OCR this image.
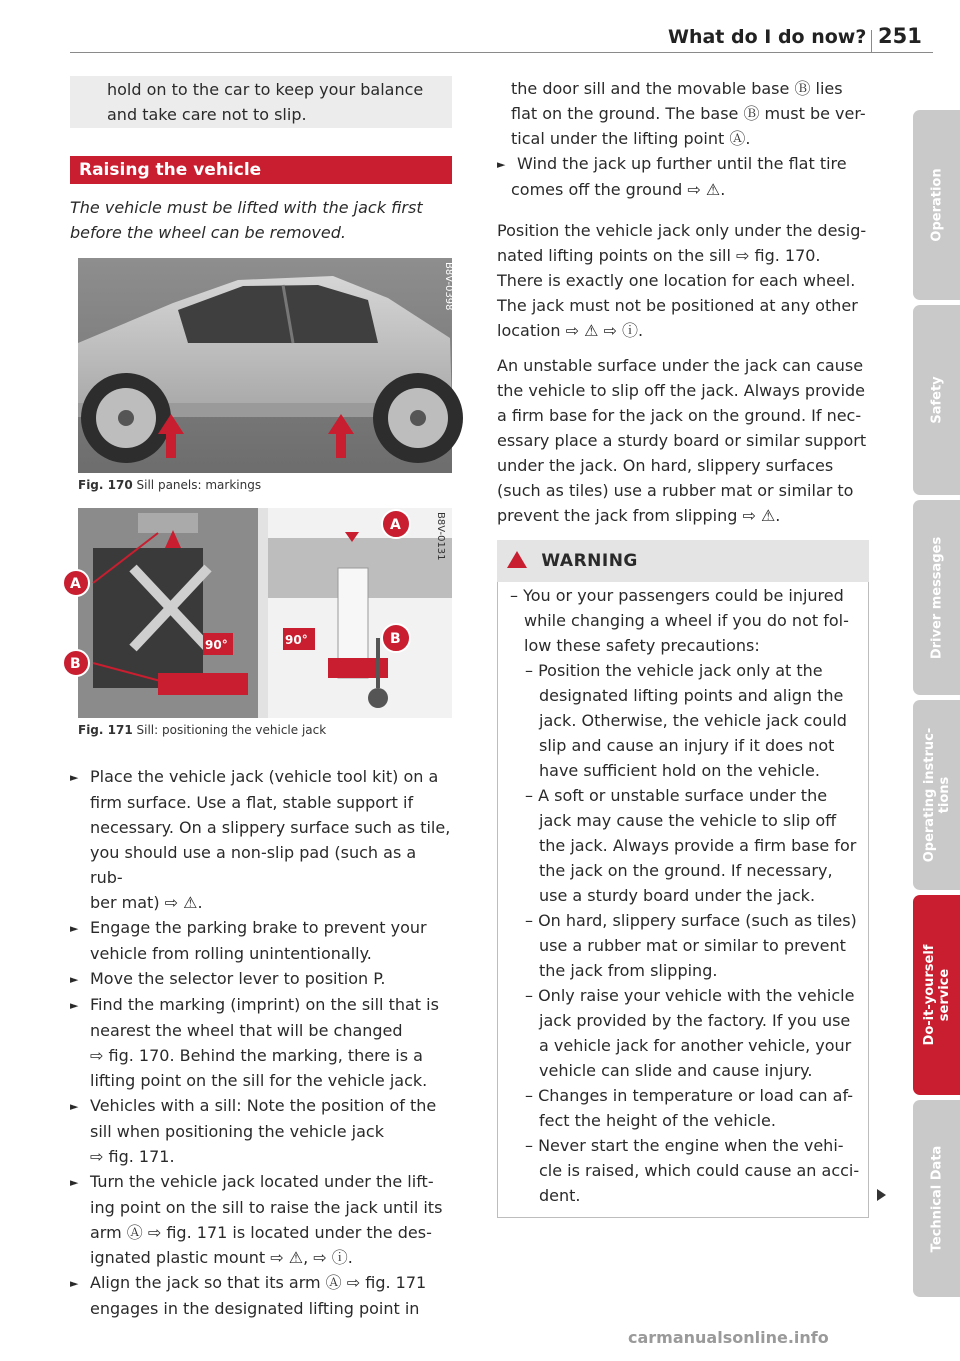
What do I do now? 251

hold on to the car to keep your balance

and take care not to slip.

Raising the vehicle
The vehicle must be lifted with the jack first
before the wheel can be removed.
B8V-0398
Fig. 170 Sill panels: markings
90°
A
B
90°
A
B
B8V-0131
Fig. 171 Sill: positioning the vehicle jack

► Place the vehicle jack (vehicle tool kit) on a

firm surface. Use a flat, stable support if

necessary. On a slippery surface such as tile,

you should use a non-slip pad (such as a rub-

ber mat) ⇨ ⚠.

► Engage the parking brake to prevent your

vehicle from rolling unintentionally.

► Move the selector lever to position P.

► Find the marking (imprint) on the sill that is

nearest the wheel that will be changed

⇨ fig. 170. Behind the marking, there is a

lifting point on the sill for the vehicle jack.

► Vehicles with a sill: Note the position of the

sill when positioning the vehicle jack

⇨ fig. 171.

► Turn the vehicle jack located under the lift-

ing point on the sill to raise the jack until its

arm Ⓐ ⇨ fig. 171 is located under the des-

ignated plastic mount ⇨ ⚠, ⇨ ⓘ.

► Align the jack so that its arm Ⓐ ⇨ fig. 171

engages in the designated lifting point in

the door sill and the movable base Ⓑ lies

flat on the ground. The base Ⓑ must be ver-

tical under the lifting point Ⓐ.

► Wind the jack up further until the flat tire

comes off the ground ⇨ ⚠.

Position the vehicle jack only under the desig-

nated lifting points on the sill ⇨ fig. 170.

There is exactly one location for each wheel.

The jack must not be positioned at any other

location ⇨ ⚠ ⇨ ⓘ.

An unstable surface under the jack can cause

the vehicle to slip off the jack. Always provide

a firm base for the jack on the ground. If nec-

essary place a sturdy board or similar support

under the jack. On hard, slippery surfaces

(such as tiles) use a rubber mat or similar to

prevent the jack from slipping ⇨ ⚠.

WARNING

– You or your passengers could be injured

while changing a wheel if you do not fol-

low these safety precautions:

– Position the vehicle jack only at the

designated lifting points and align the

jack. Otherwise, the vehicle jack could

slip and cause an injury if it does not

have sufficient hold on the vehicle.

– A soft or unstable surface under the

jack may cause the vehicle to slip off

the jack. Always provide a firm base for

the jack on the ground. If necessary,

use a sturdy board under the jack.

– On hard, slippery surface (such as tiles)

use a rubber mat or similar to prevent

the jack from slipping.

– Only raise your vehicle with the vehicle

jack provided by the factory. If you use

a vehicle jack for another vehicle, your

vehicle can slide and cause injury.

– Changes in temperature or load can af-

fect the height of the vehicle.

– Never start the engine when the vehi-

cle is raised, which could cause an acci-

dent.

Operation
Safety
Driver messages
Operating instruc-
tions
Do-it-yourself
service
Technical Data
carmanualsonline.info
